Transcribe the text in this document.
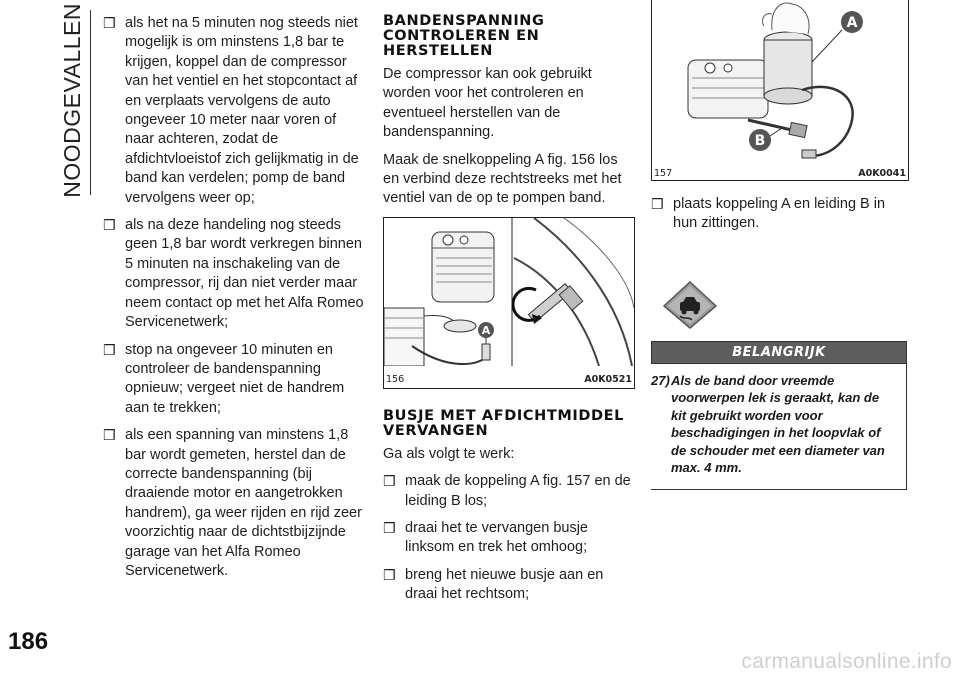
NOODGEVALLEN
186
carmanualsonline.info
❒ als het na 5 minuten nog steeds niet mogelijk is om minstens 1,8 bar te krijgen, koppel dan de compressor van het ventiel en het stopcontact af en verplaats vervolgens de auto ongeveer 10 meter naar voren of naar achteren, zodat de afdichtvloeistof zich gelijkmatig in de band kan verdelen; pomp de band vervolgens weer op;
❒ als na deze handeling nog steeds geen 1,8 bar wordt verkregen binnen 5 minuten na inschakeling van de compressor, rij dan niet verder maar neem contact op met het Alfa Romeo Servicenetwerk;
❒ stop na ongeveer 10 minuten en controleer de bandenspanning opnieuw; vergeet niet de handrem aan te trekken;
❒ als een spanning van minstens 1,8 bar wordt gemeten, herstel dan de correcte bandenspanning (bij draaiende motor en aangetrokken handrem), ga weer rijden en rijd zeer voorzichtig naar de dichtstbijzijnde garage van het Alfa Romeo Servicenetwerk.
BANDENSPANNING CONTROLEREN EN HERSTELLEN

De compressor kan ook gebruikt worden voor het controleren en eventueel herstellen van de bandenspanning.

Maak de snelkoppeling A fig. 156 los en verbind deze rechtstreeks met het ventiel van de op te pompen band.

A
156	A0K0521
BUSJE MET AFDICHTMIDDEL VERVANGEN

Ga als volgt te werk:

❒ maak de koppeling A fig. 157 en de leiding B los;
❒ draai het te vervangen busje linksom en trek het omhoog;
❒ breng het nieuwe busje aan en draai het rechtsom;
A
B
157	A0K0041
❒ plaats koppeling A en leiding B in hun zittingen.
BELANGRIJK
27) Als de band door vreemde voorwerpen lek is geraakt, kan de kit gebruikt worden voor beschadigingen in het loopvlak of de schouder met een diameter van max. 4 mm.
